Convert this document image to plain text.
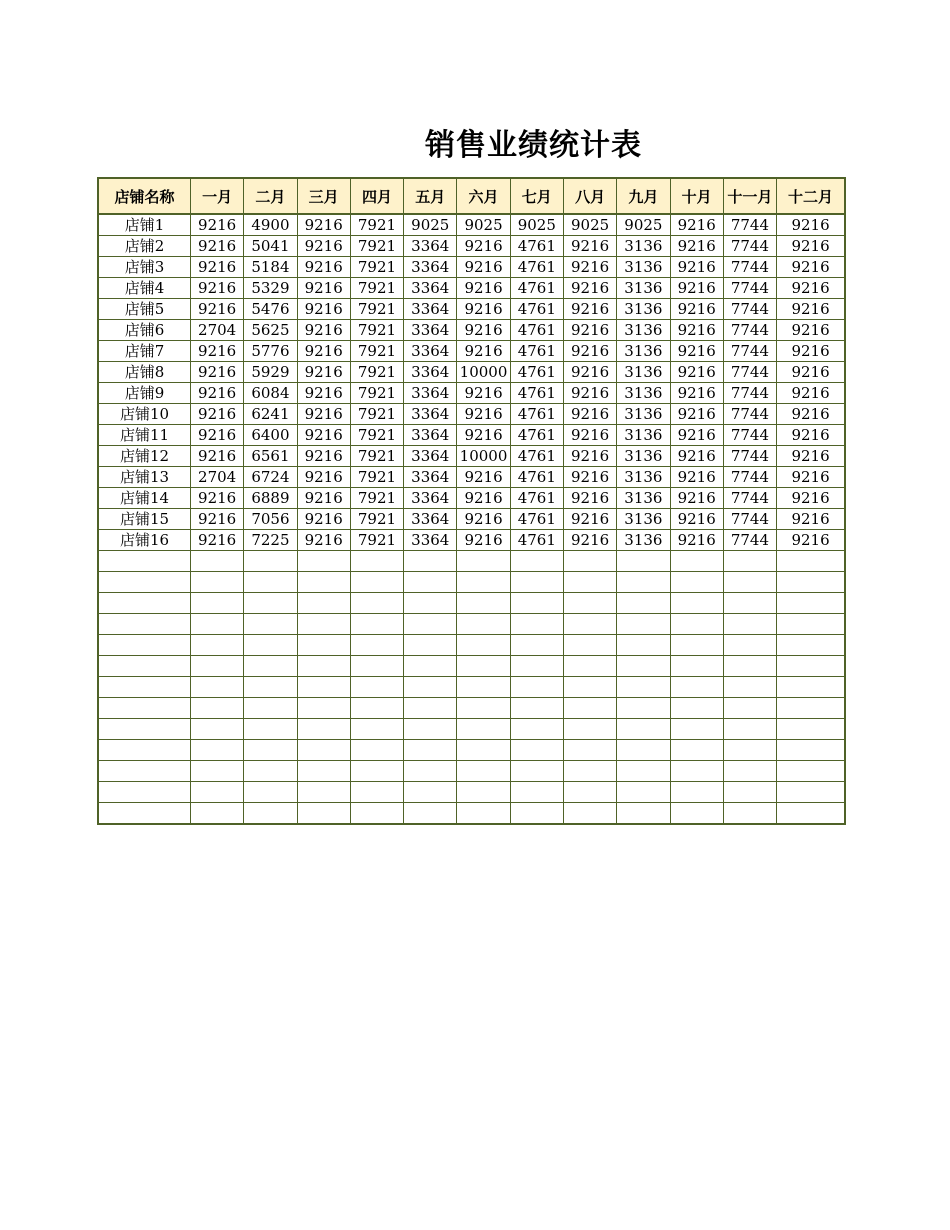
销售业绩统计表
店铺名称	一月	二月	三月	四月	五月	六月	七月	八月	九月	十月	十一月	十二月
店铺1	9216	4900	9216	7921	9025	9025	9025	9025	9025	9216	7744	9216
店铺2	9216	5041	9216	7921	3364	9216	4761	9216	3136	9216	7744	9216
店铺3	9216	5184	9216	7921	3364	9216	4761	9216	3136	9216	7744	9216
店铺4	9216	5329	9216	7921	3364	9216	4761	9216	3136	9216	7744	9216
店铺5	9216	5476	9216	7921	3364	9216	4761	9216	3136	9216	7744	9216
店铺6	2704	5625	9216	7921	3364	9216	4761	9216	3136	9216	7744	9216
店铺7	9216	5776	9216	7921	3364	9216	4761	9216	3136	9216	7744	9216
店铺8	9216	5929	9216	7921	3364	10000	4761	9216	3136	9216	7744	9216
店铺9	9216	6084	9216	7921	3364	9216	4761	9216	3136	9216	7744	9216
店铺10	9216	6241	9216	7921	3364	9216	4761	9216	3136	9216	7744	9216
店铺11	9216	6400	9216	7921	3364	9216	4761	9216	3136	9216	7744	9216
店铺12	9216	6561	9216	7921	3364	10000	4761	9216	3136	9216	7744	9216
店铺13	2704	6724	9216	7921	3364	9216	4761	9216	3136	9216	7744	9216
店铺14	9216	6889	9216	7921	3364	9216	4761	9216	3136	9216	7744	9216
店铺15	9216	7056	9216	7921	3364	9216	4761	9216	3136	9216	7744	9216
店铺16	9216	7225	9216	7921	3364	9216	4761	9216	3136	9216	7744	9216
